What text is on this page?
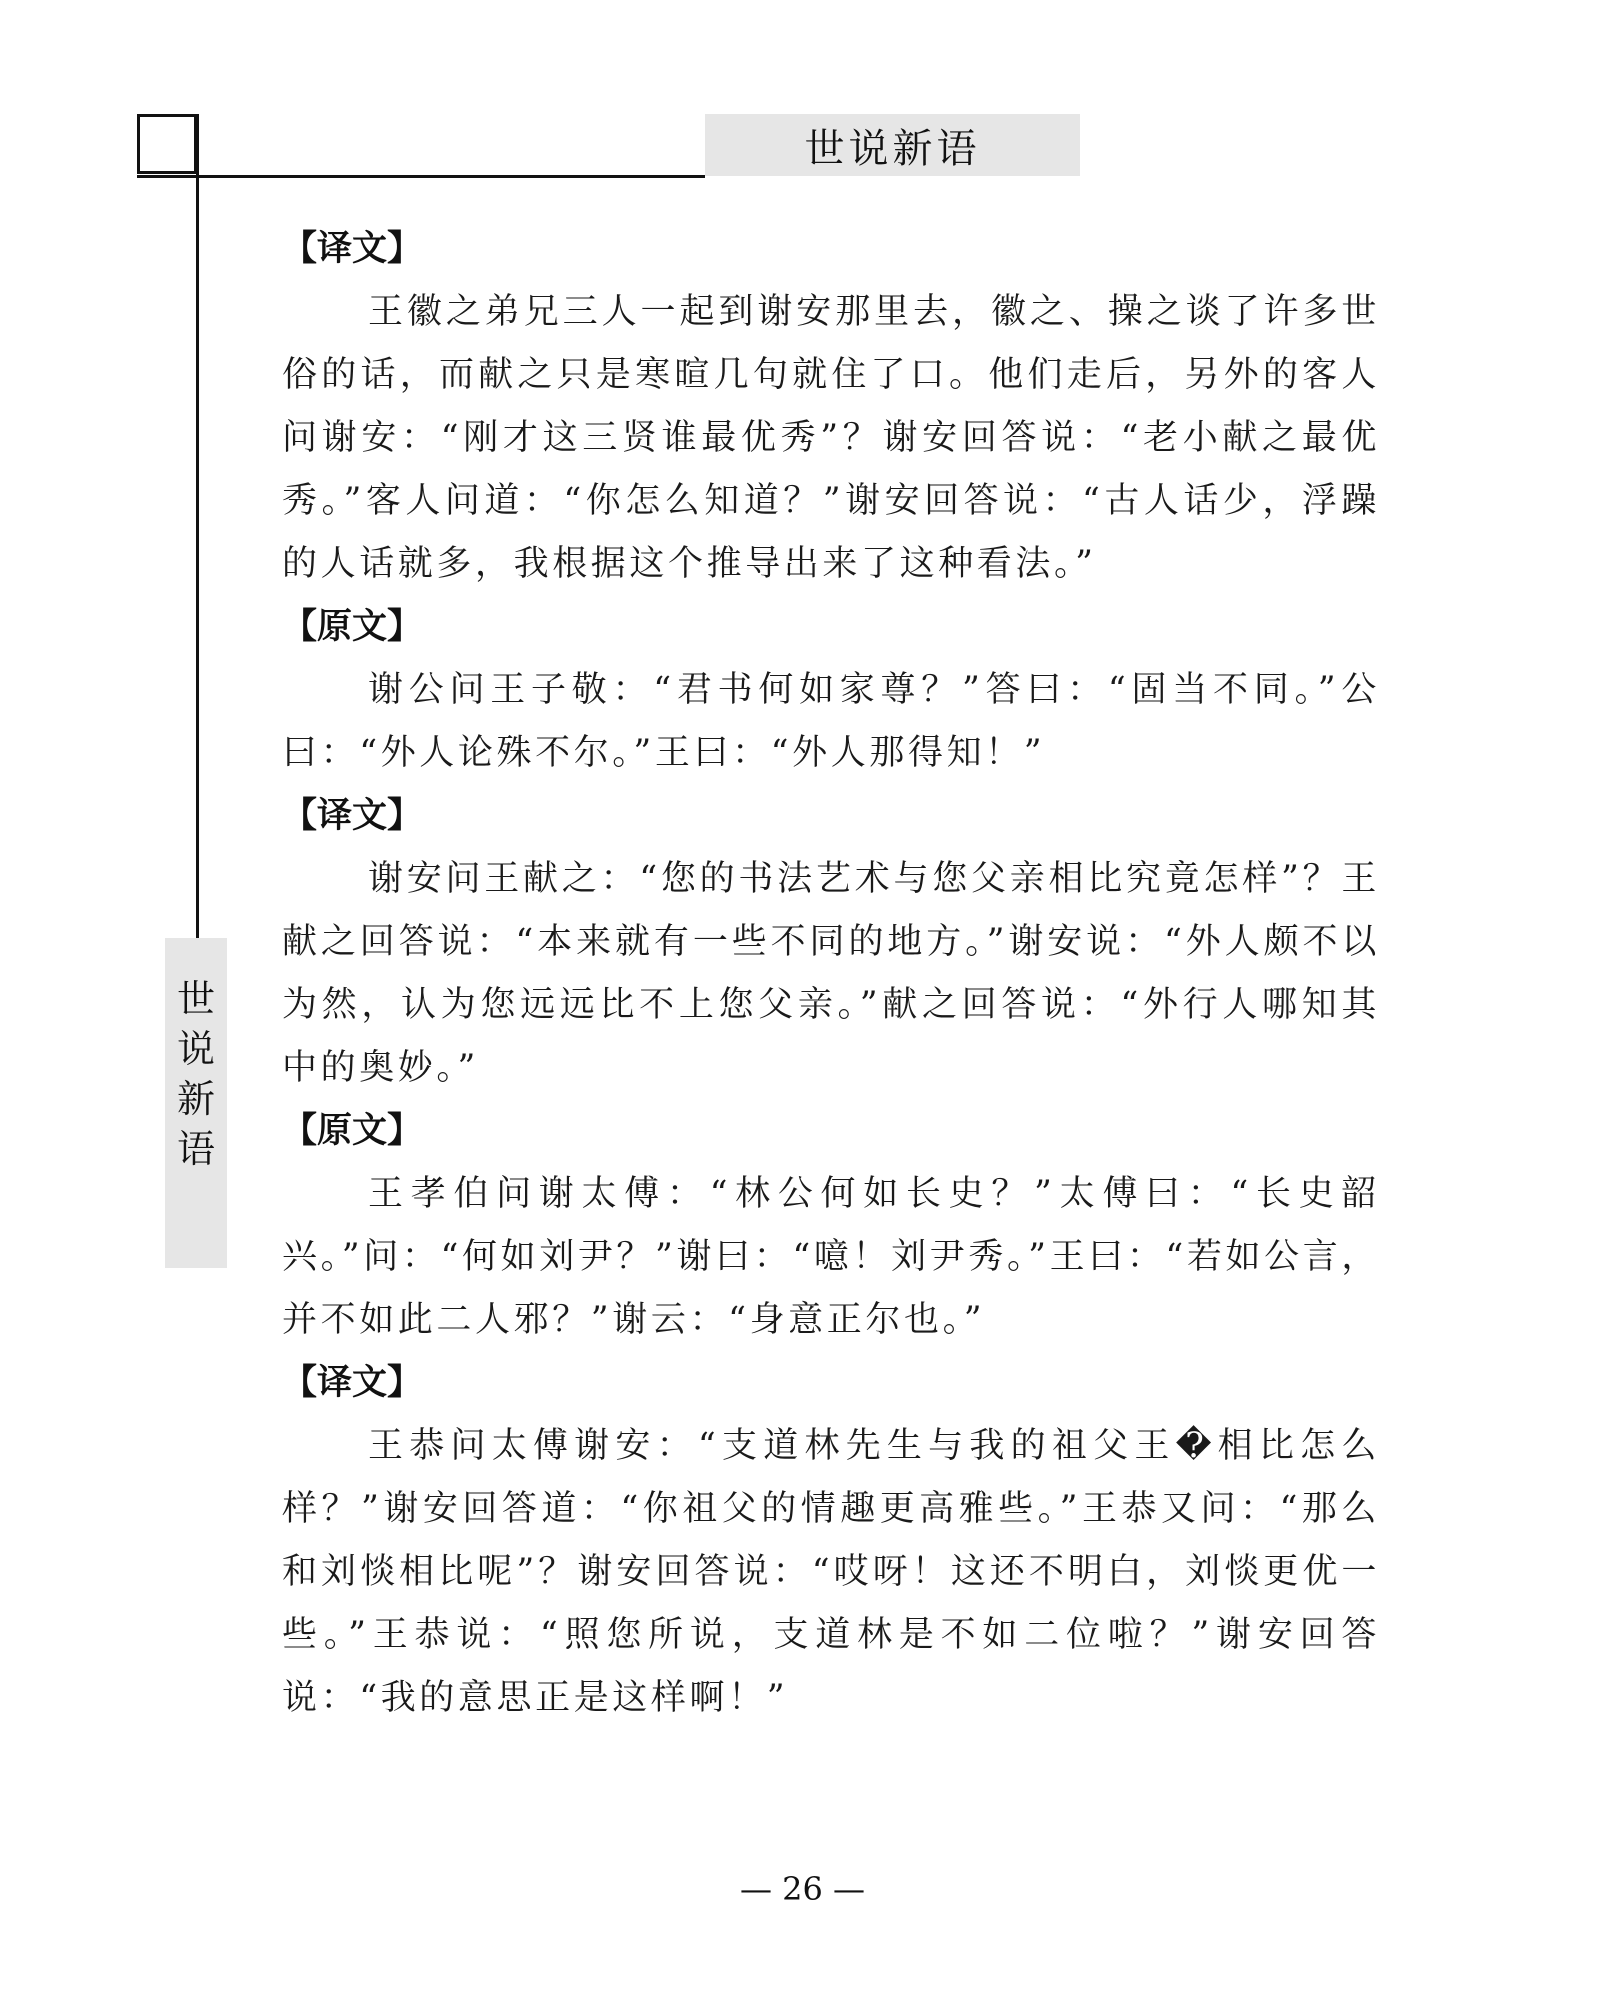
世说新语
世
说
新
语
【译文】

王徽之弟兄三人一起到谢安那里去，徽之、操之谈了许多世俗的话，而献之只是寒暄几句就住了口。他们走后，另外的客人问谢安：“刚才这三贤谁最优秀”？谢安回答说：“老小献之最优秀。”客人问道：“你怎么知道？”谢安回答说：“古人话少，浮躁的人话就多，我根据这个推导出来了这种看法。”

【原文】

谢公问王子敬：“君书何如家尊？”答曰：“固当不同。”公曰：“外人论殊不尔。”王曰：“外人那得知！”

【译文】

谢安问王献之：“您的书法艺术与您父亲相比究竟怎样”？王献之回答说：“本来就有一些不同的地方。”谢安说：“外人颇不以为然，认为您远远比不上您父亲。”献之回答说：“外行人哪知其中的奥妙。”

【原文】

王孝伯问谢太傅：“林公何如长史？”太傅曰：“长史韶兴。”问：“何如刘尹？”谢曰：“噫！刘尹秀。”王曰：“若如公言，并不如此二人邪？”谢云：“身意正尔也。”

【译文】

王恭问太傅谢安：“支道林先生与我的祖父王�相比怎么样？”谢安回答道：“你祖父的情趣更高雅些。”王恭又问：“那么和刘惔相比呢”？谢安回答说：“哎呀！这还不明白，刘惔更优一些。”王恭说：“照您所说，支道林是不如二位啦？”谢安回答说：“我的意思正是这样啊！”

— 26 —
